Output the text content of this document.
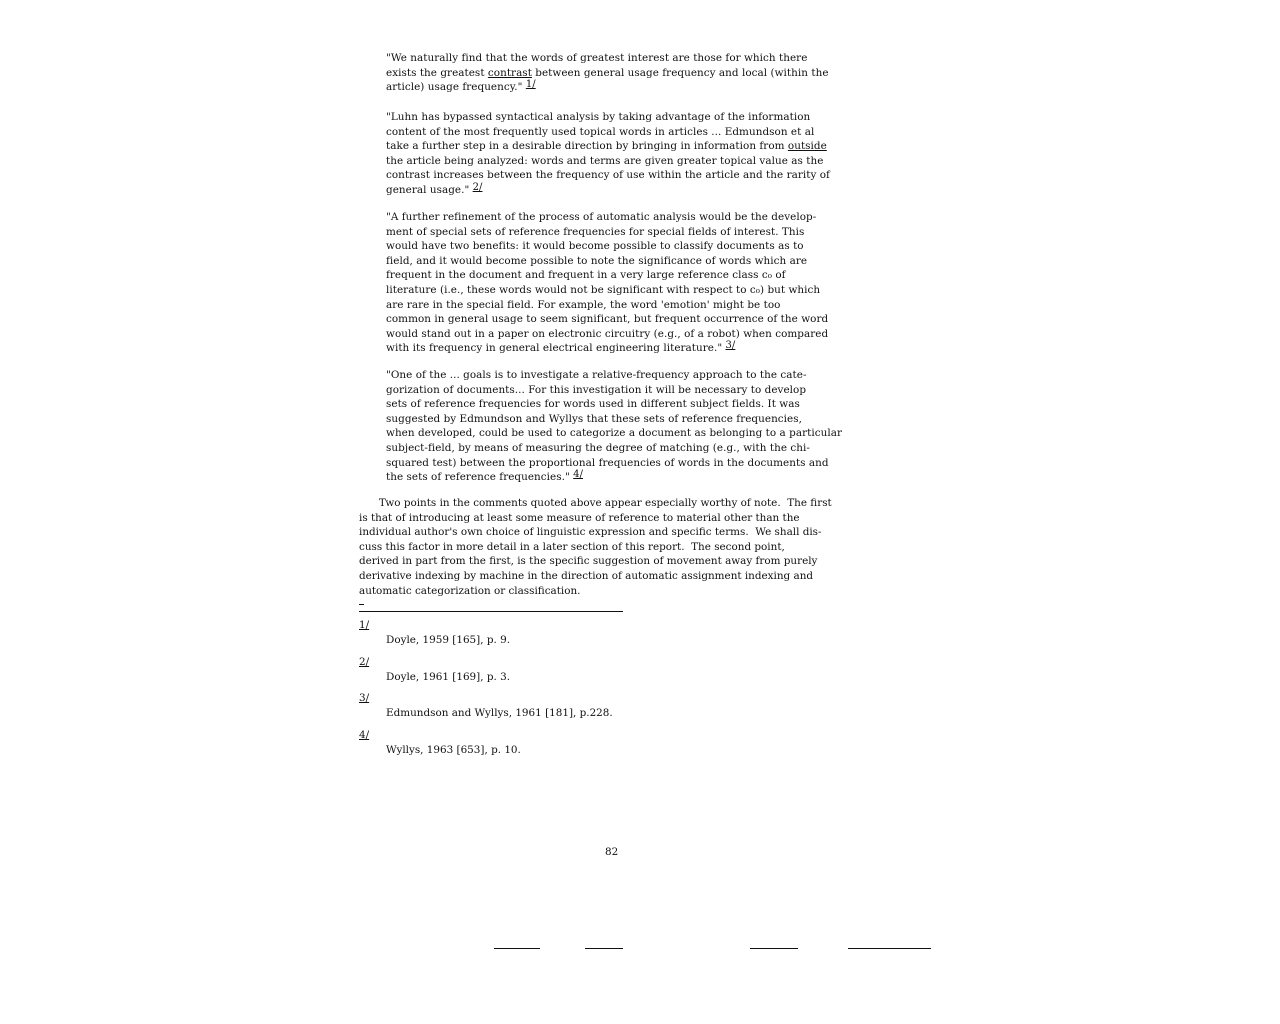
"We naturally find that the words of greatest interest are those for which there
exists the greatest contrast between general usage frequency and local (within the
article) usage frequency." 1/
"Luhn has bypassed syntactical analysis by taking advantage of the information
content of the most frequently used topical words in articles ... Edmundson et al
take a further step in a desirable direction by bringing in information from outside
the article being analyzed: words and terms are given greater topical value as the
contrast increases between the frequency of use within the article and the rarity of
general usage." 2/
"A further refinement of the process of automatic analysis would be the develop-
ment of special sets of reference frequencies for special fields of interest. This
would have two benefits: it would become possible to classify documents as to
field, and it would become possible to note the significance of words which are
frequent in the document and frequent in a very large reference class c₀ of
literature (i.e., these words would not be significant with respect to c₀) but which
are rare in the special field. For example, the word 'emotion' might be too
common in general usage to seem significant, but frequent occurrence of the word
would stand out in a paper on electronic circuitry (e.g., of a robot) when compared
with its frequency in general electrical engineering literature." 3/
"One of the ... goals is to investigate a relative-frequency approach to the cate-
gorization of documents... For this investigation it will be necessary to develop
sets of reference frequencies for words used in different subject fields. It was
suggested by Edmundson and Wyllys that these sets of reference frequencies,
when developed, could be used to categorize a document as belonging to a particular
subject-field, by means of measuring the degree of matching (e.g., with the chi-
squared test) between the proportional frequencies of words in the documents and
the sets of reference frequencies." 4/
Two points in the comments quoted above appear especially worthy of note.  The first
is that of introducing at least some measure of reference to material other than the
individual author's own choice of linguistic expression and specific terms.  We shall dis-
cuss this factor in more detail in a later section of this report.  The second point,
derived in part from the first, is the specific suggestion of movement away from purely
derivative indexing by machine in the direction of automatic assignment indexing and
automatic categorization or classification.
1/
Doyle, 1959 [165], p. 9.
2/
Doyle, 1961 [169], p. 3.
3/
Edmundson and Wyllys, 1961 [181], p.228.
4/
Wyllys, 1963 [653], p. 10.
82
